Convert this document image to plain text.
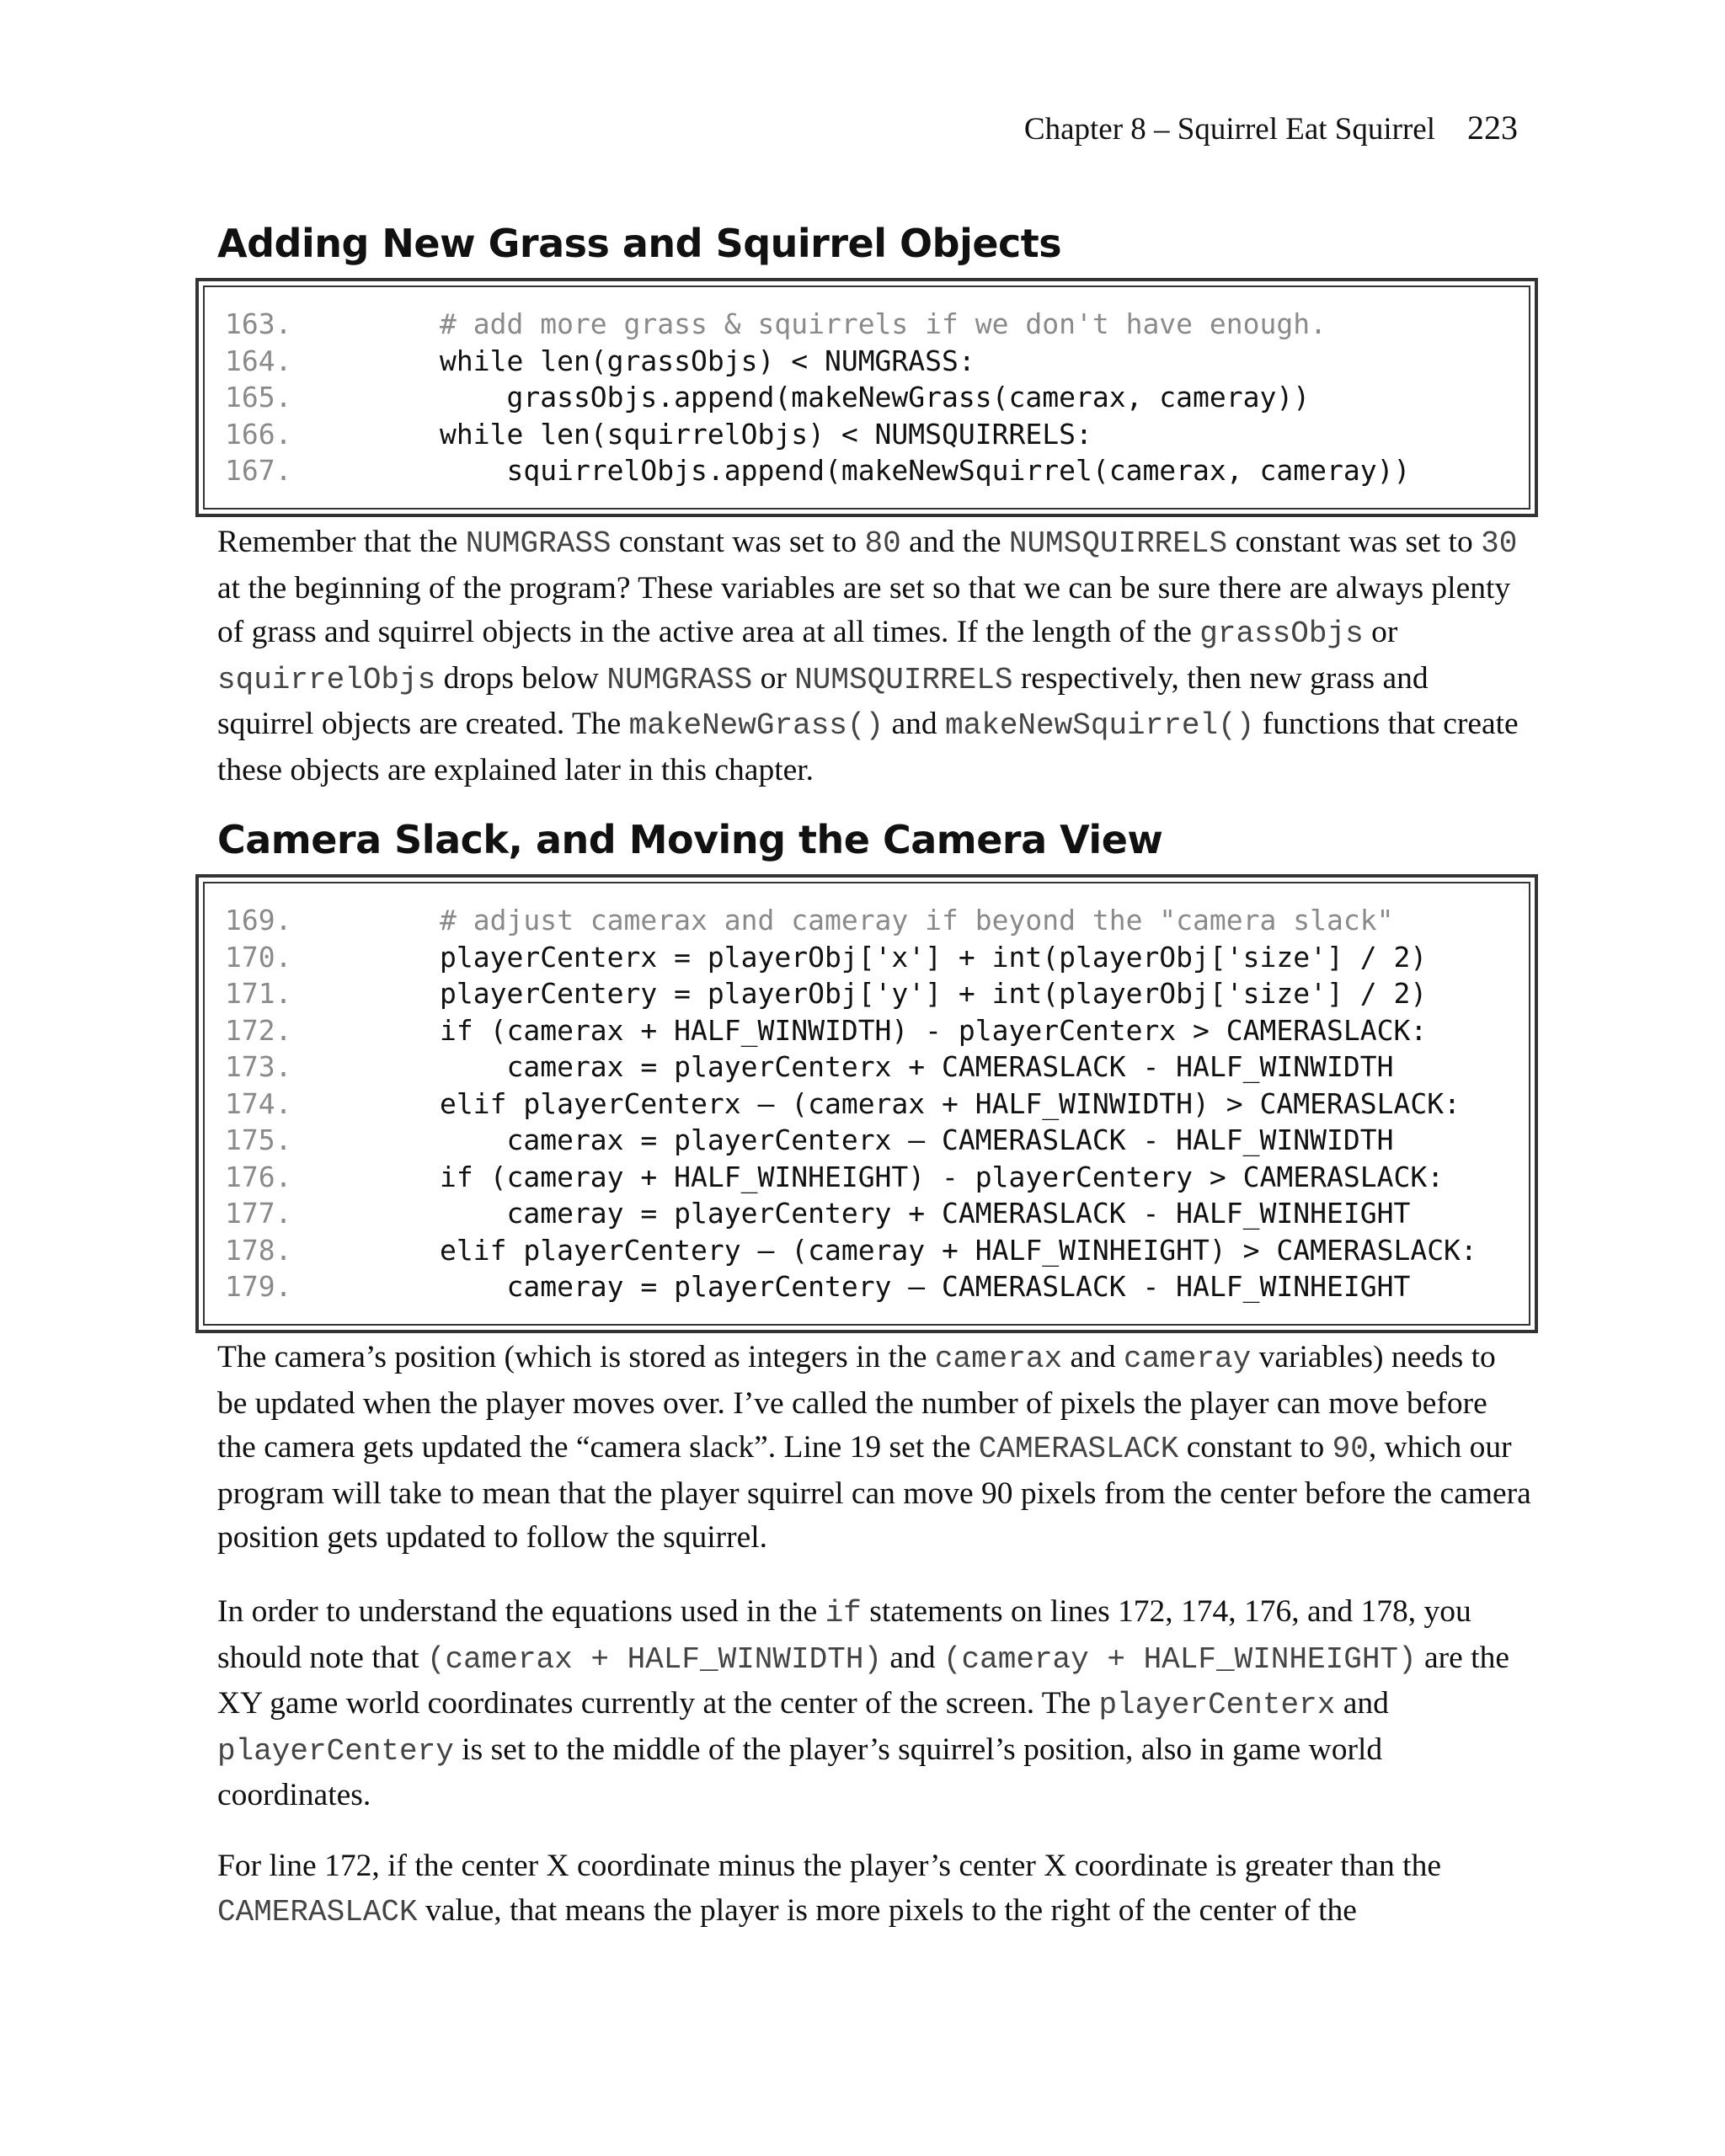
Chapter 8 – Squirrel Eat Squirrel 223
Adding New Grass and Squirrel Objects
163.	# add more grass & squirrels if we don't have enough.
164.	while len(grassObjs) < NUMGRASS:
165.	grassObjs.append(makeNewGrass(camerax, cameray))
166.	while len(squirrelObjs) < NUMSQUIRRELS:
167.	squirrelObjs.append(makeNewSquirrel(camerax, cameray))

Remember that the NUMGRASS constant was set to 80 and the NUMSQUIRRELS constant was set to 30 at the beginning of the program? These variables are set so that we can be sure there are always plenty of grass and squirrel objects in the active area at all times. If the length of the grassObjs or squirrelObjs drops below NUMGRASS or NUMSQUIRRELS respectively, then new grass and squirrel objects are created. The makeNewGrass() and makeNewSquirrel() functions that create these objects are explained later in this chapter.

Camera Slack, and Moving the Camera View
169.	# adjust camerax and cameray if beyond the "camera slack"
170.	playerCenterx = playerObj['x'] + int(playerObj['size'] / 2)
171.	playerCentery = playerObj['y'] + int(playerObj['size'] / 2)
172.	if (camerax + HALF_WINWIDTH) - playerCenterx > CAMERASLACK:
173.	camerax = playerCenterx + CAMERASLACK - HALF_WINWIDTH
174.	elif playerCenterx – (camerax + HALF_WINWIDTH) > CAMERASLACK:
175.	camerax = playerCenterx – CAMERASLACK - HALF_WINWIDTH
176.	if (cameray + HALF_WINHEIGHT) - playerCentery > CAMERASLACK:
177.	cameray = playerCentery + CAMERASLACK - HALF_WINHEIGHT
178.	elif playerCentery – (cameray + HALF_WINHEIGHT) > CAMERASLACK:
179.	cameray = playerCentery – CAMERASLACK - HALF_WINHEIGHT

The camera’s position (which is stored as integers in the camerax and cameray variables) needs to be updated when the player moves over. I’ve called the number of pixels the player can move before the camera gets updated the “camera slack”. Line 19 set the CAMERASLACK constant to 90, which our program will take to mean that the player squirrel can move 90 pixels from the center before the camera position gets updated to follow the squirrel.

In order to understand the equations used in the if statements on lines 172, 174, 176, and 178, you should note that (camerax + HALF_WINWIDTH) and (cameray + HALF_WINHEIGHT) are the XY game world coordinates currently at the center of the screen. The playerCenterx and playerCentery is set to the middle of the player’s squirrel’s position, also in game world coordinates.

For line 172, if the center X coordinate minus the player’s center X coordinate is greater than the CAMERASLACK value, that means the player is more pixels to the right of the center of the
